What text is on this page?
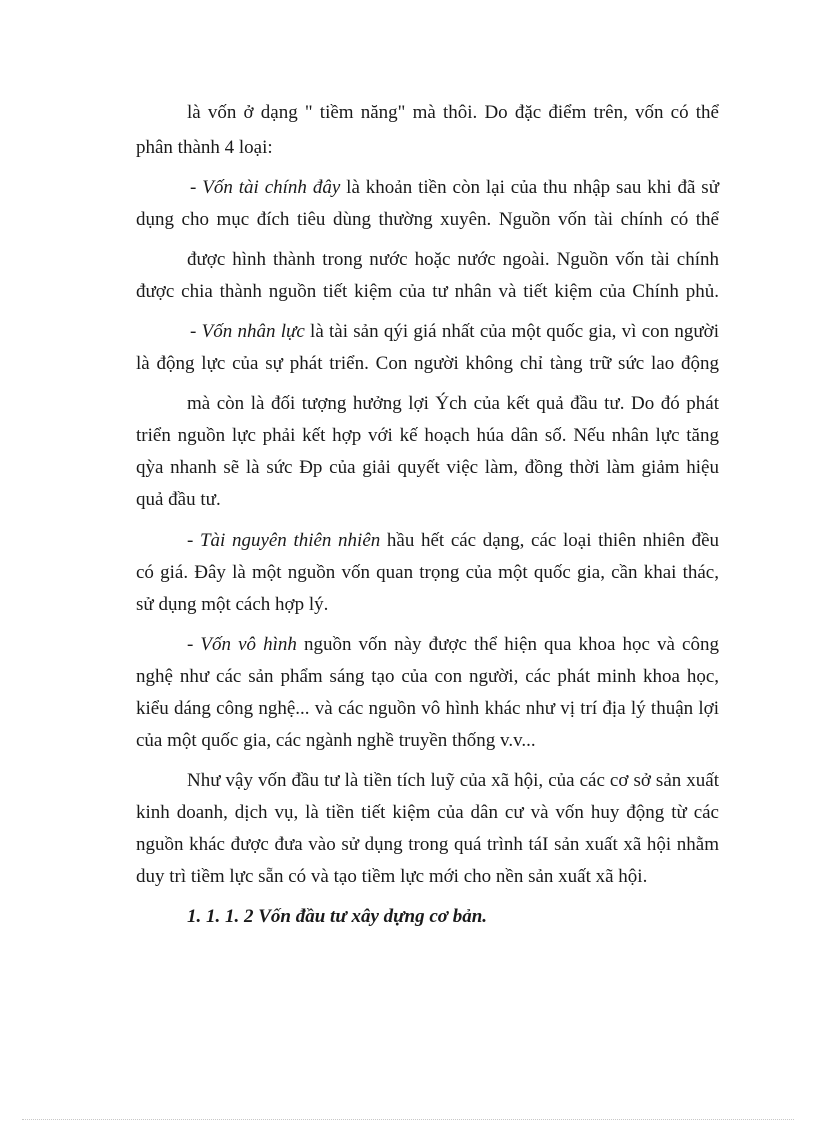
là vốn ở dạng " tiềm năng" mà thôi. Do đặc điểm trên, vốn có thể
phân thành 4 loại:
- Vốn tài chính đây là khoản tiền còn lại của thu nhập sau khi đã sử
dụng cho mục đích tiêu dùng thường xuyên. Nguồn vốn tài chính có thể
được hình thành trong nước hoặc nước ngoài. Nguồn vốn tài chính
được chia thành nguồn tiết kiệm của tư nhân và tiết kiệm của Chính phủ.
- Vốn nhân lực là tài sản qýi giá nhất của một quốc gia, vì con người
là động lực của sự phát triển. Con người không chỉ tàng trữ sức lao động
mà còn là đối tượng hưởng lợi Ých của kết quả đầu tư. Do đó phát
triển nguồn lực phải kết hợp với kế hoạch húa dân số. Nếu nhân lực tăng
qỳa nhanh sẽ là sức Ðp của giải quyết việc làm, đồng thời làm giảm hiệu
quả đầu tư.
- Tài nguyên thiên nhiên hầu hết các dạng, các loại thiên nhiên đều
có giá. Ðây là một nguồn vốn quan trọng của một quốc gia, cần khai thác,
sử dụng một cách hợp lý.
- Vốn vô hình nguồn vốn này được thể hiện qua khoa học và công
nghệ như các sản phẩm sáng tạo của con người, các phát minh khoa học,
kiểu dáng công nghệ... và các nguồn vô hình khác như vị trí địa lý thuận lợi
của một quốc gia, các ngành nghề truyền thống v.v...
Như vậy vốn đầu tư là tiền tích luỹ của xã hội, của các cơ sở sản xuất
kinh doanh, dịch vụ, là tiền tiết kiệm của dân cư và vốn huy động từ các
nguồn khác được đưa vào sử dụng trong quá trình táI sản xuất xã hội nhằm
duy trì tiềm lực sẵn có và tạo tiềm lực mới cho nền sản xuất xã hội.
1. 1. 1. 2 Vốn đầu tư xây dựng cơ bản.
